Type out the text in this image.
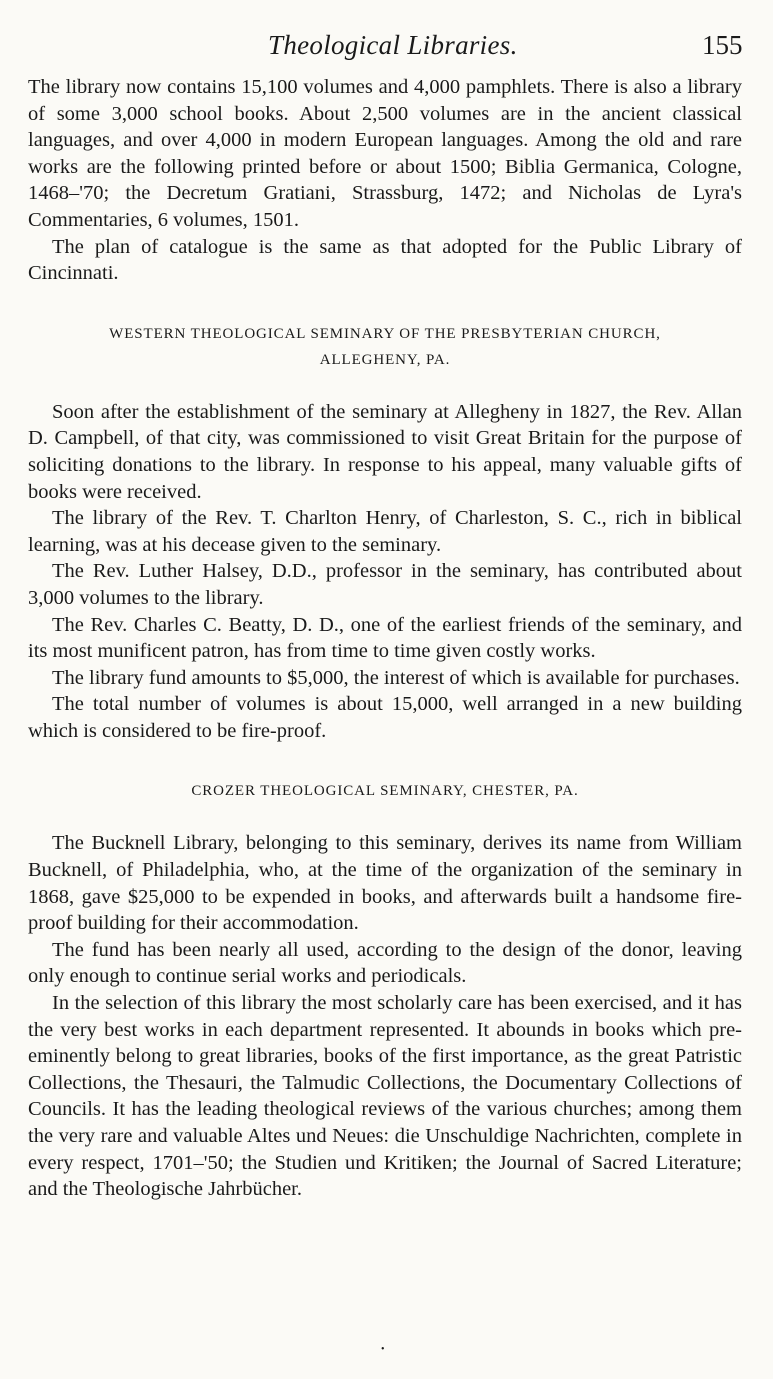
Theological Libraries.	155

The library now contains 15,100 volumes and 4,000 pamphlets. There is also a library of some 3,000 school books. About 2,500 volumes are in the ancient classical languages, and over 4,000 in modern European languages. Among the old and rare works are the following printed before or about 1500; Biblia Germanica, Cologne, 1468–'70; the Decretum Gratiani, Strassburg, 1472; and Nicholas de Lyra's Commentaries, 6 volumes, 1501.

The plan of catalogue is the same as that adopted for the Public Library of Cincinnati.

WESTERN THEOLOGICAL SEMINARY OF THE PRESBYTERIAN CHURCH,
ALLEGHENY, PA.

Soon after the establishment of the seminary at Allegheny in 1827, the Rev. Allan D. Campbell, of that city, was commissioned to visit Great Britain for the purpose of soliciting donations to the library. In response to his appeal, many valuable gifts of books were received.

The library of the Rev. T. Charlton Henry, of Charleston, S. C., rich in biblical learning, was at his decease given to the seminary.

The Rev. Luther Halsey, D.D., professor in the seminary, has contributed about 3,000 volumes to the library.

The Rev. Charles C. Beatty, D. D., one of the earliest friends of the seminary, and its most munificent patron, has from time to time given costly works.

The library fund amounts to $5,000, the interest of which is available for purchases.

The total number of volumes is about 15,000, well arranged in a new building which is considered to be fire-proof.

CROZER THEOLOGICAL SEMINARY, CHESTER, PA.

The Bucknell Library, belonging to this seminary, derives its name from William Bucknell, of Philadelphia, who, at the time of the organization of the seminary in 1868, gave $25,000 to be expended in books, and afterwards built a handsome fire-proof building for their accommodation.

The fund has been nearly all used, according to the design of the donor, leaving only enough to continue serial works and periodicals.

In the selection of this library the most scholarly care has been exercised, and it has the very best works in each department represented. It abounds in books which pre-eminently belong to great libraries, books of the first importance, as the great Patristic Collections, the Thesauri, the Talmudic Collections, the Documentary Collections of Councils. It has the leading theological reviews of the various churches; among them the very rare and valuable Altes und Neues: die Unschuldige Nachrichten, complete in every respect, 1701–'50; the Studien und Kritiken; the Journal of Sacred Literature; and the Theologische Jahrbücher.

•
